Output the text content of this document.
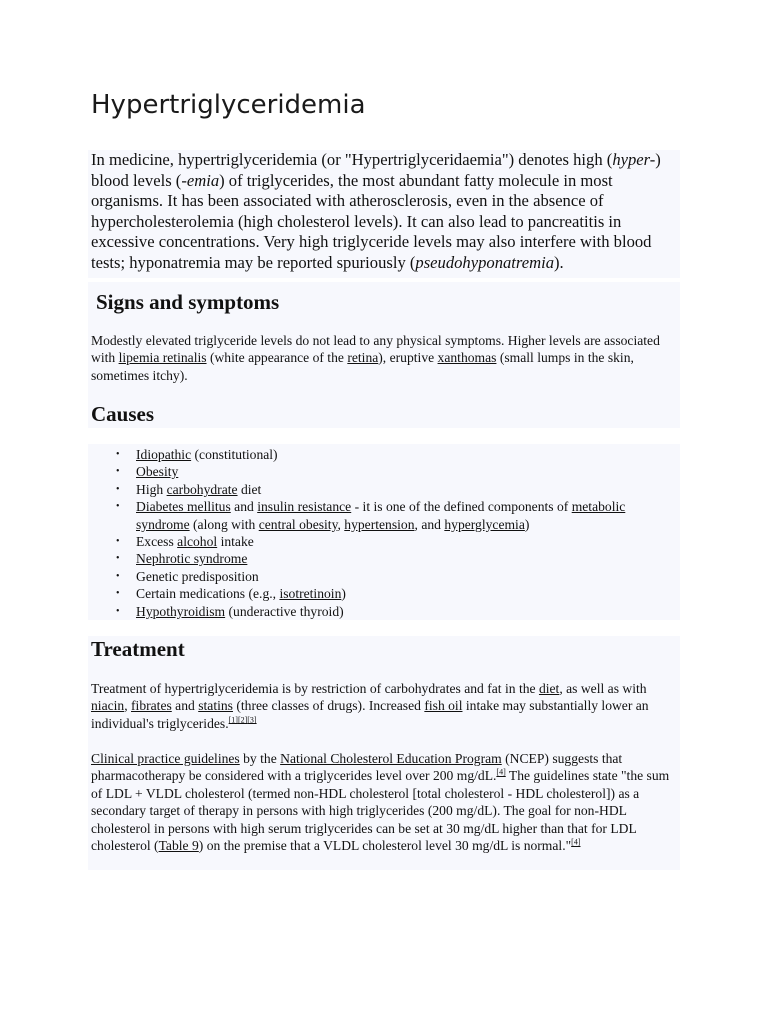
Hypertriglyceridemia

In medicine, hypertriglyceridemia (or "Hypertriglyceridaemia") denotes high (hyper-) blood levels (-emia) of triglycerides, the most abundant fatty molecule in most organisms. It has been associated with atherosclerosis, even in the absence of hypercholesterolemia (high cholesterol levels). It can also lead to pancreatitis in excessive concentrations. Very high triglyceride levels may also interfere with blood tests; hyponatremia may be reported spuriously (pseudohyponatremia).

Signs and symptoms

Modestly elevated triglyceride levels do not lead to any physical symptoms. Higher levels are associated with lipemia retinalis (white appearance of the retina), eruptive xanthomas (small lumps in the skin, sometimes itchy).

Causes
• Idiopathic (constitutional)
• Obesity
• High carbohydrate diet
• Diabetes mellitus and insulin resistance - it is one of the defined components of metabolic syndrome (along with central obesity, hypertension, and hyperglycemia)
• Excess alcohol intake
• Nephrotic syndrome
• Genetic predisposition
• Certain medications (e.g., isotretinoin)
• Hypothyroidism (underactive thyroid)
Treatment

Treatment of hypertriglyceridemia is by restriction of carbohydrates and fat in the diet, as well as with niacin, fibrates and statins (three classes of drugs). Increased fish oil intake may substantially lower an individual's triglycerides.[1][2][3]

Clinical practice guidelines by the National Cholesterol Education Program (NCEP) suggests that pharmacotherapy be considered with a triglycerides level over 200 mg/dL.[4] The guidelines state "the sum of LDL + VLDL cholesterol (termed non-HDL cholesterol [total cholesterol - HDL cholesterol]) as a secondary target of therapy in persons with high triglycerides (200 mg/dL). The goal for non-HDL cholesterol in persons with high serum triglycerides can be set at 30 mg/dL higher than that for LDL cholesterol (Table 9) on the premise that a VLDL cholesterol level 30 mg/dL is normal."[4]
